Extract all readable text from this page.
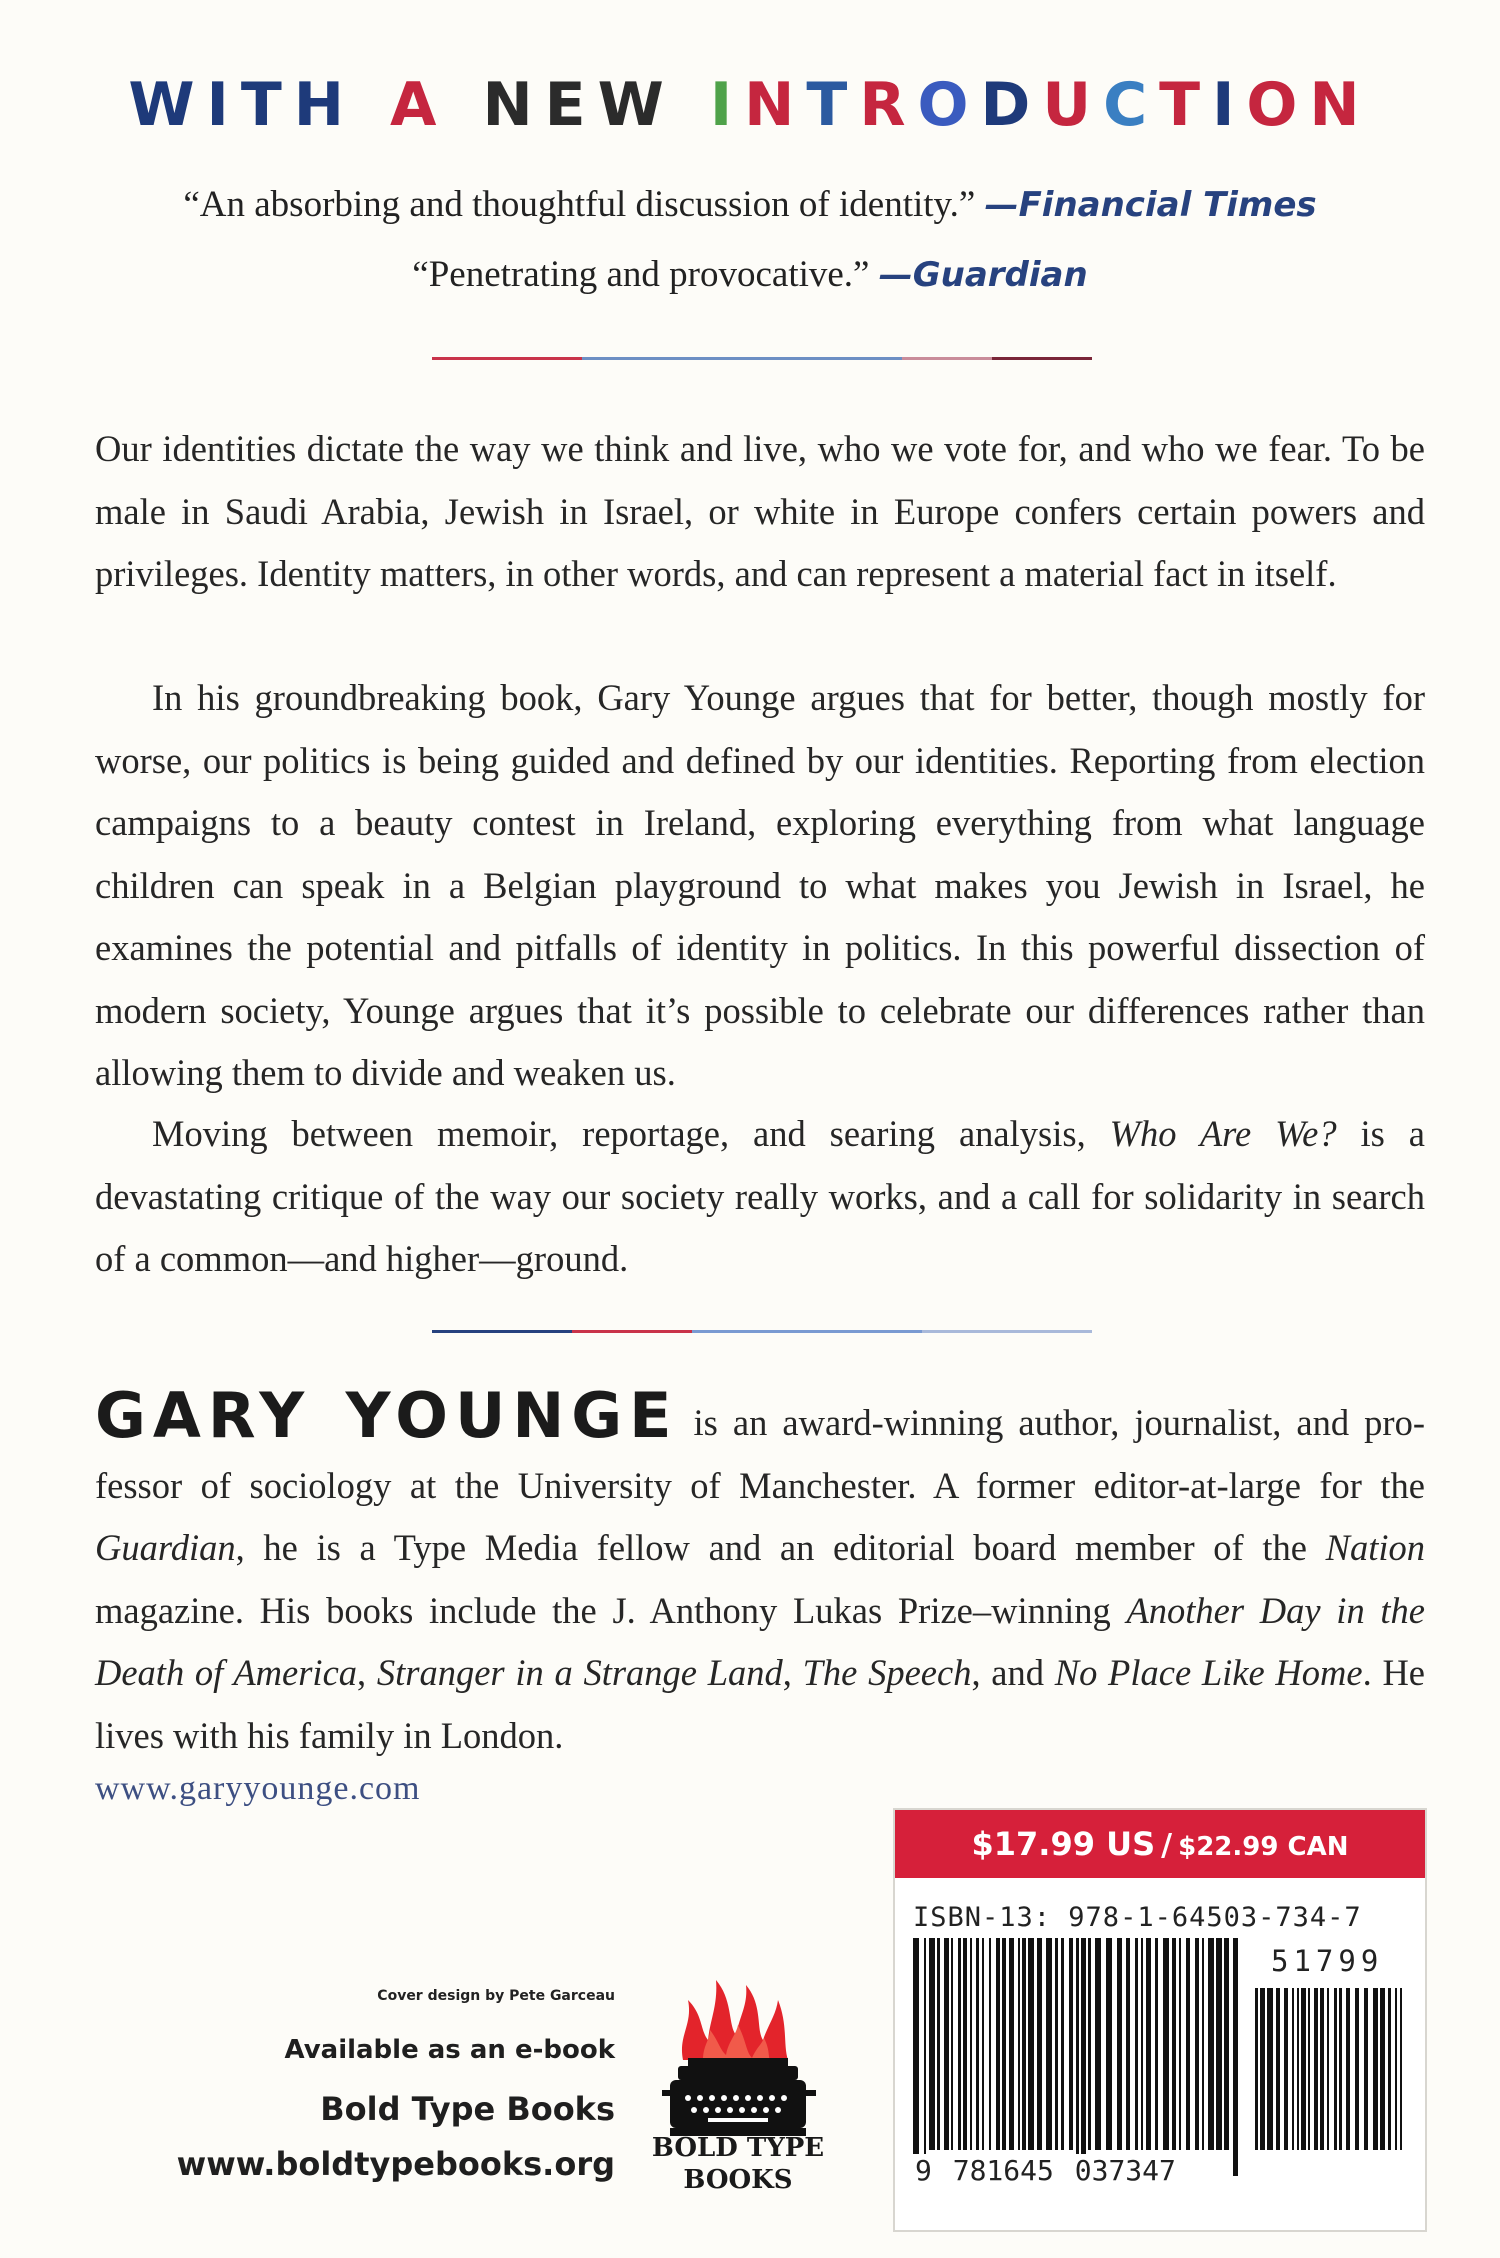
WITH A NEW INTRODUCTION
“An absorbing and thoughtful discussion of identity.” —Financial Times
“Penetrating and provocative.” —Guardian

Our identities dictate the way we think and live, who we vote for, and who we fear. To be male in Saudi Arabia, Jewish in Israel, or white in Europe confers certain powers and privileges. Identity matters, in other words, and can represent a material fact in itself.

In his groundbreaking book, Gary Younge argues that for better, though mostly for worse, our politics is being guided and defined by our identities. Reporting from election campaigns to a beauty contest in Ireland, exploring everything from what language children can speak in a Belgian playground to what makes you Jewish in Israel, he examines the potential and pitfalls of identity in politics. In this powerful dissection of modern society, Younge argues that it’s possible to celebrate our differences rather than allowing them to divide and weaken us.

Moving between memoir, reportage, and searing analysis, Who Are We? is a devastating critique of the way our society really works, and a call for solidarity in search of a common—and higher—ground.

GARY YOUNGE is an award-winning author, journalist, and professor of sociology at the University of Manchester. A former editor-at-large for the Guardian, he is a Type Media fellow and an editorial board member of the Nation magazine. His books include the J. Anthony Lukas Prize–winning Another Day in the Death of America, Stranger in a Strange Land, The Speech, and No Place Like Home. He lives with his family in London.

www.garyyounge.com
Cover design by Pete Garceau
Available as an e-book
Bold Type Books
www.boldtypebooks.org	BOLD TYPE
BOOKS
$17.99 US / $22.99 CAN
ISBN-13: 978-1-64503-734-7
51799
9 781645 037347
